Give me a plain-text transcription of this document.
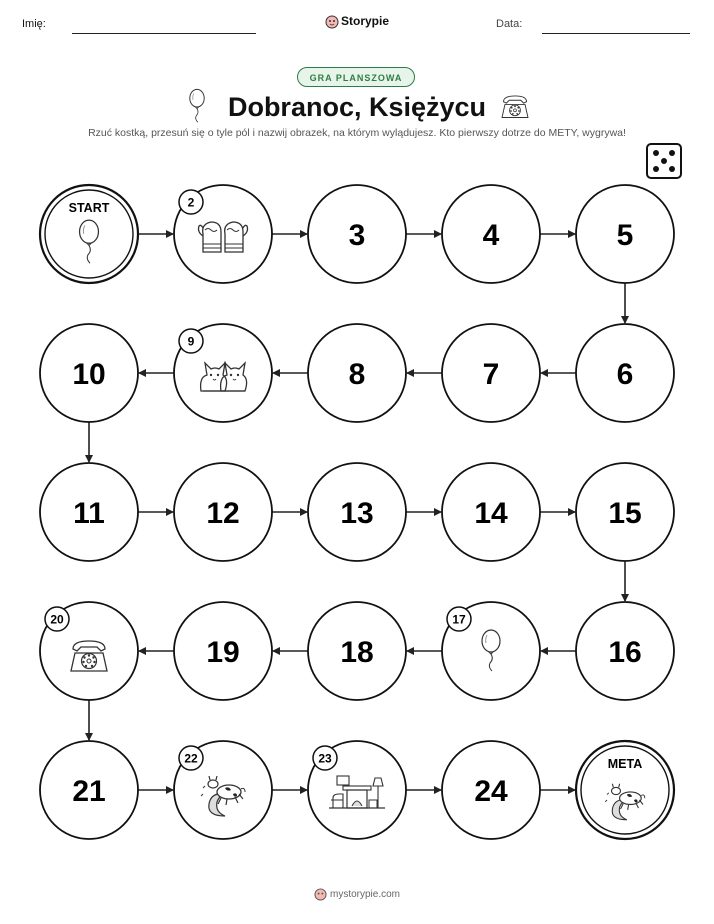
Imię:	Storypie	Data:
GRA PLANSZOWA
Dobranoc, Księżycu
Rzuć kostką, przesuń się o tyle pól i nazwij obrazek, na którym wylądujesz. Kto pierwszy dotrze do METY, wygrywa!
START	2
3	4	5
6
7
8
9
10
11	12	13	14	15
16
17
18
19
20
21
22	23
24
META
mystorypie.com
